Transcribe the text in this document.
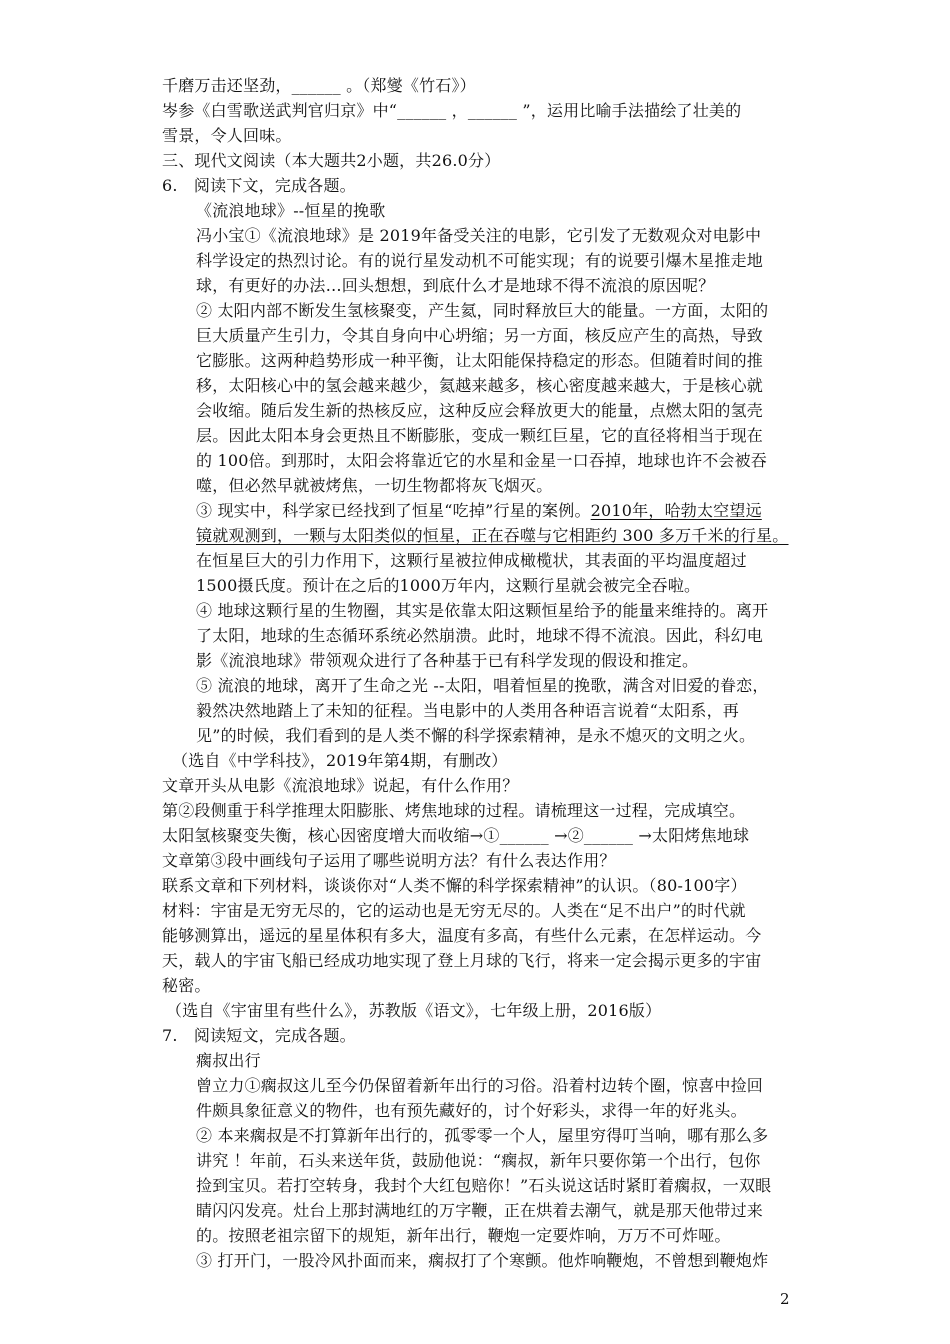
千磨万击还坚劲，______ 。（郑燮《竹石》）
岑参《白雪歌送武判官归京》中“______ ，______ ”，运用比喻手法描绘了壮美的
雪景，令人回味。
三、现代文阅读（本大题共2小题，共26.0分）
6.　阅读下文，完成各题。
《流浪地球》--恒星的挽歌
冯小宝①《流浪地球》是 2019年备受关注的电影，它引发了无数观众对电影中
科学设定的热烈讨论。有的说行星发动机不可能实现；有的说要引爆木星推走地
球，有更好的办法…回头想想，到底什么才是地球不得不流浪的原因呢？
② 太阳内部不断发生氢核聚变，产生氦，同时释放巨大的能量。一方面，太阳的
巨大质量产生引力，令其自身向中心坍缩；另一方面，核反应产生的高热，导致
它膨胀。这两种趋势形成一种平衡，让太阳能保持稳定的形态。但随着时间的推
移，太阳核心中的氢会越来越少，氦越来越多，核心密度越来越大，于是核心就
会收缩。随后发生新的热核反应，这种反应会释放更大的能量，点燃太阳的氢壳
层。因此太阳本身会更热且不断膨胀，变成一颗红巨星，它的直径将相当于现在
的 100倍。到那时，太阳会将靠近它的水星和金星一口吞掉，地球也许不会被吞
噬，但必然早就被烤焦，一切生物都将灰飞烟灭。
③ 现实中，科学家已经找到了恒星“吃掉”行星的案例。2010年，哈勃太空望远
镜就观测到，一颗与太阳类似的恒星，正在吞噬与它相距约 300 多万千米的行星。
在恒星巨大的引力作用下，这颗行星被拉伸成橄榄状，其表面的平均温度超过
1500摄氏度。预计在之后的1000万年内，这颗行星就会被完全吞啦。
④ 地球这颗行星的生物圈，其实是依靠太阳这颗恒星给予的能量来维持的。离开
了太阳，地球的生态循环系统必然崩溃。此时，地球不得不流浪。因此，科幻电
影《流浪地球》带领观众进行了各种基于已有科学发现的假设和推定。
⑤ 流浪的地球，离开了生命之光 --太阳，唱着恒星的挽歌，满含对旧爱的眷恋，
毅然决然地踏上了未知的征程。当电影中的人类用各种语言说着“太阳系，再
见”的时候，我们看到的是人类不懈的科学探索精神，是永不熄灭的文明之火。
（选自《中学科技》，2019年第4期，有删改）
文章开头从电影《流浪地球》说起，有什么作用？
第②段侧重于科学推理太阳膨胀、烤焦地球的过程。请梳理这一过程，完成填空。
太阳氢核聚变失衡，核心因密度增大而收缩→①______ →②______ →太阳烤焦地球
文章第③段中画线句子运用了哪些说明方法？有什么表达作用？
联系文章和下列材料，谈谈你对“人类不懈的科学探索精神”的认识。（80-100字）
材料：宇宙是无穷无尽的，它的运动也是无穷无尽的。人类在“足不出户”的时代就
能够测算出，遥远的星星体积有多大，温度有多高，有些什么元素，在怎样运动。今
天，载人的宇宙飞船已经成功地实现了登上月球的飞行，将来一定会揭示更多的宇宙
秘密。
（选自《宇宙里有些什么》，苏教版《语文》，七年级上册，2016版）
7.　阅读短文，完成各题。
瘸叔出行
曾立力①瘸叔这儿至今仍保留着新年出行的习俗。沿着村边转个圈，惊喜中捡回
件颇具象征意义的物件，也有预先藏好的，讨个好彩头，求得一年的好兆头。
② 本来瘸叔是不打算新年出行的，孤零零一个人，屋里穷得叮当响，哪有那么多
讲究 ！年前，石头来送年货，鼓励他说：“瘸叔，新年只要你第一个出行，包你
捡到宝贝。若打空转身，我封个大红包赔你！”石头说这话时紧盯着瘸叔，一双眼
睛闪闪发亮。灶台上那封满地红的万字鞭，正在烘着去潮气，就是那天他带过来
的。按照老祖宗留下的规矩，新年出行，鞭炮一定要炸响，万万不可炸哑。
③ 打开门，一股冷风扑面而来，瘸叔打了个寒颤。他炸响鞭炮，不曾想到鞭炮炸
2
